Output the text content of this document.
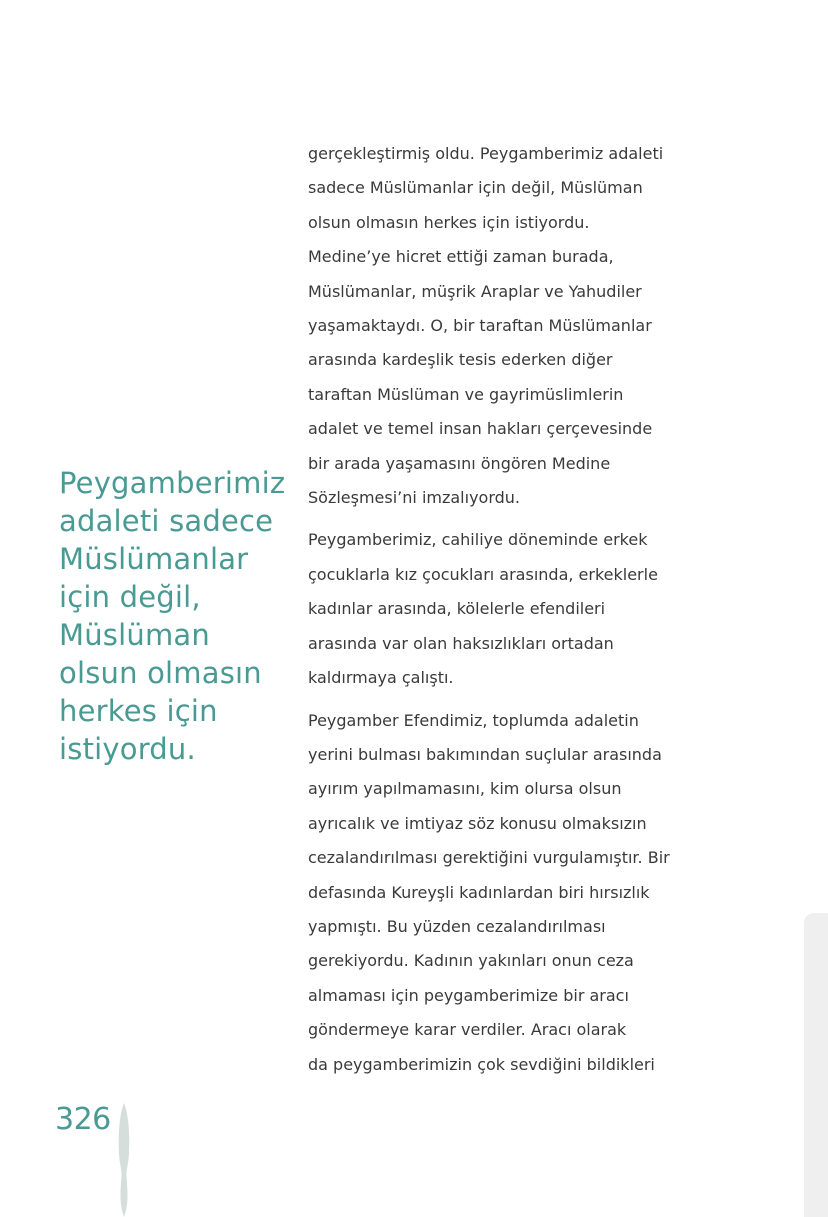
Peygamberimiz
adaleti sadece
Müslümanlar
için değil,
Müslüman
olsun olmasın
herkes için
istiyordu.

gerçekleştirmiş oldu. Peygamberimiz adaleti
sadece Müslümanlar için değil, Müslüman
olsun olmasın herkes için istiyordu.
Medine’ye hicret ettiği zaman burada,
Müslümanlar, müşrik Araplar ve Yahudiler
yaşamaktaydı. O, bir taraftan Müslümanlar
arasında kardeşlik tesis ederken diğer
taraftan Müslüman ve gayrimüslimlerin
adalet ve temel insan hakları çerçevesinde
bir arada yaşamasını öngören Medine
Sözleşmesi’ni imzalıyordu.

Peygamberimiz, cahiliye döneminde erkek
çocuklarla kız çocukları arasında, erkeklerle
kadınlar arasında, kölelerle efendileri
arasında var olan haksızlıkları ortadan
kaldırmaya çalıştı.

Peygamber Efendimiz, toplumda adaletin
yerini bulması bakımından suçlular arasında
ayırım yapılmamasını, kim olursa olsun
ayrıcalık ve imtiyaz söz konusu olmaksızın
cezalandırılması gerektiğini vurgulamıştır. Bir
defasında Kureyşli kadınlardan biri hırsızlık
yapmıştı. Bu yüzden cezalandırılması
gerekiyordu. Kadının yakınları onun ceza
almaması için peygamberimize bir aracı
göndermeye karar verdiler. Aracı olarak
da peygamberimizin çok sevdiğini bildikleri

326
